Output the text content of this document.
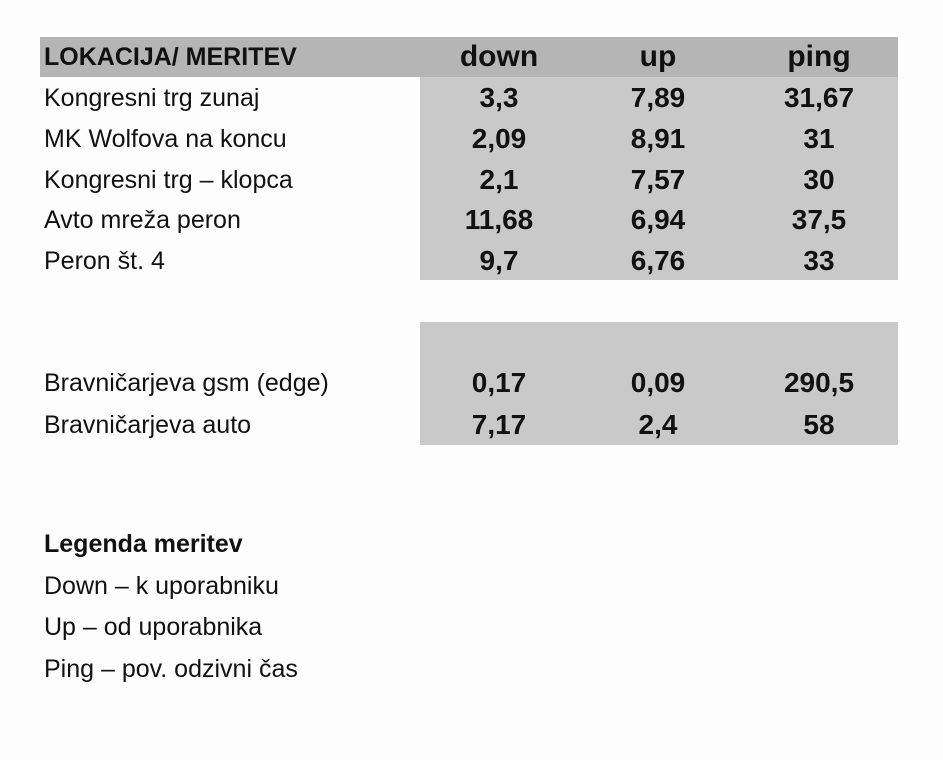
LOKACIJA/ MERITEV	down	up	ping
Kongresni trg zunaj	3,3	7,89	31,67
MK Wolfova na koncu	2,09	8,91	31
Kongresni trg – klopca	2,1	7,57	30
Avto mreža peron	11,68	6,94	37,5
Peron št. 4	9,7	6,76	33
Bravničarjeva gsm (edge)	0,17	0,09	290,5
Bravničarjeva auto	7,17	2,4	58
Legenda meritev
Down – k uporabniku
Up – od uporabnika
Ping – pov. odzivni čas
